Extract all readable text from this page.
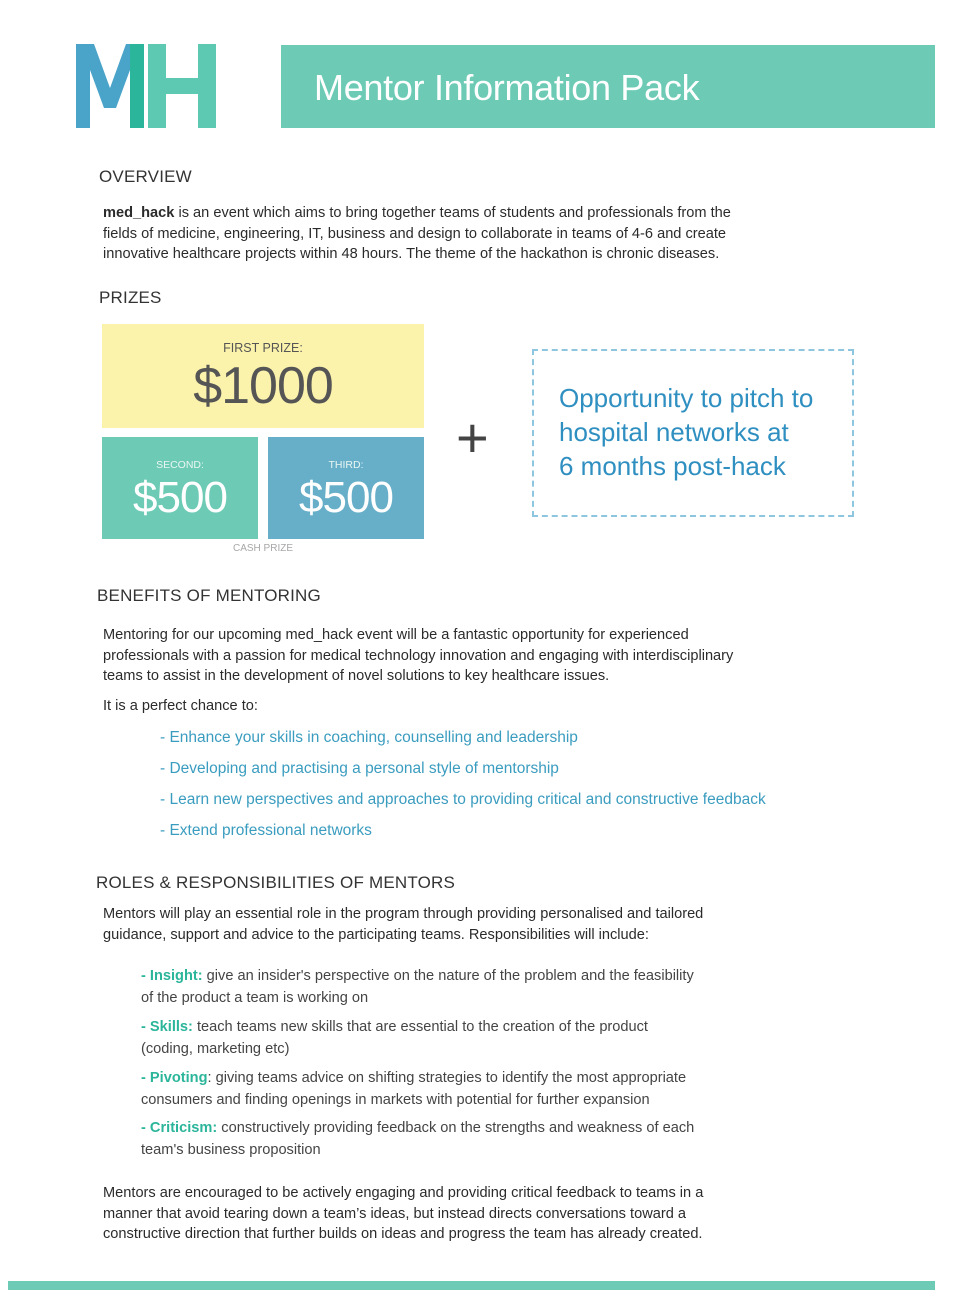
Mentor Information Pack
OVERVIEW
med_hack is an event which aims to bring together teams of students and professionals from the
fields of medicine, engineering, IT, business and design to collaborate in teams of 4-6 and create
innovative healthcare projects within 48 hours. The theme of the hackathon is chronic diseases.
PRIZES
FIRST PRIZE:
$1000
SECOND:
$500
THIRD:
$500
CASH PRIZE
+
Opportunity to pitch to
hospital networks at
6 months post-hack
BENEFITS OF MENTORING
Mentoring for our upcoming med_hack event will be a fantastic opportunity for experienced
professionals with a passion for medical technology innovation and engaging with interdisciplinary
teams to assist in the development of novel solutions to key healthcare issues.
It is a perfect chance to:
- Enhance your skills in coaching, counselling and leadership
- Developing and practising a personal style of mentorship
- Learn new perspectives and approaches to providing critical and constructive feedback
- Extend professional networks
ROLES & RESPONSIBILITIES OF MENTORS
Mentors will play an essential role in the program through providing personalised and tailored
guidance, support and advice to the participating teams. Responsibilities will include:
- Insight: give an insider's perspective on the nature of the problem and the feasibility
of the product a team is working on
- Skills: teach teams new skills that are essential to the creation of the product
(coding, marketing etc)
- Pivoting: giving teams advice on shifting strategies to identify the most appropriate
consumers and finding openings in markets with potential for further expansion
- Criticism: constructively providing feedback on the strengths and weakness of each
team's business proposition
Mentors are encouraged to be actively engaging and providing critical feedback to teams in a
manner that avoid tearing down a team’s ideas, but instead directs conversations toward a
constructive direction that further builds on ideas and progress the team has already created.
